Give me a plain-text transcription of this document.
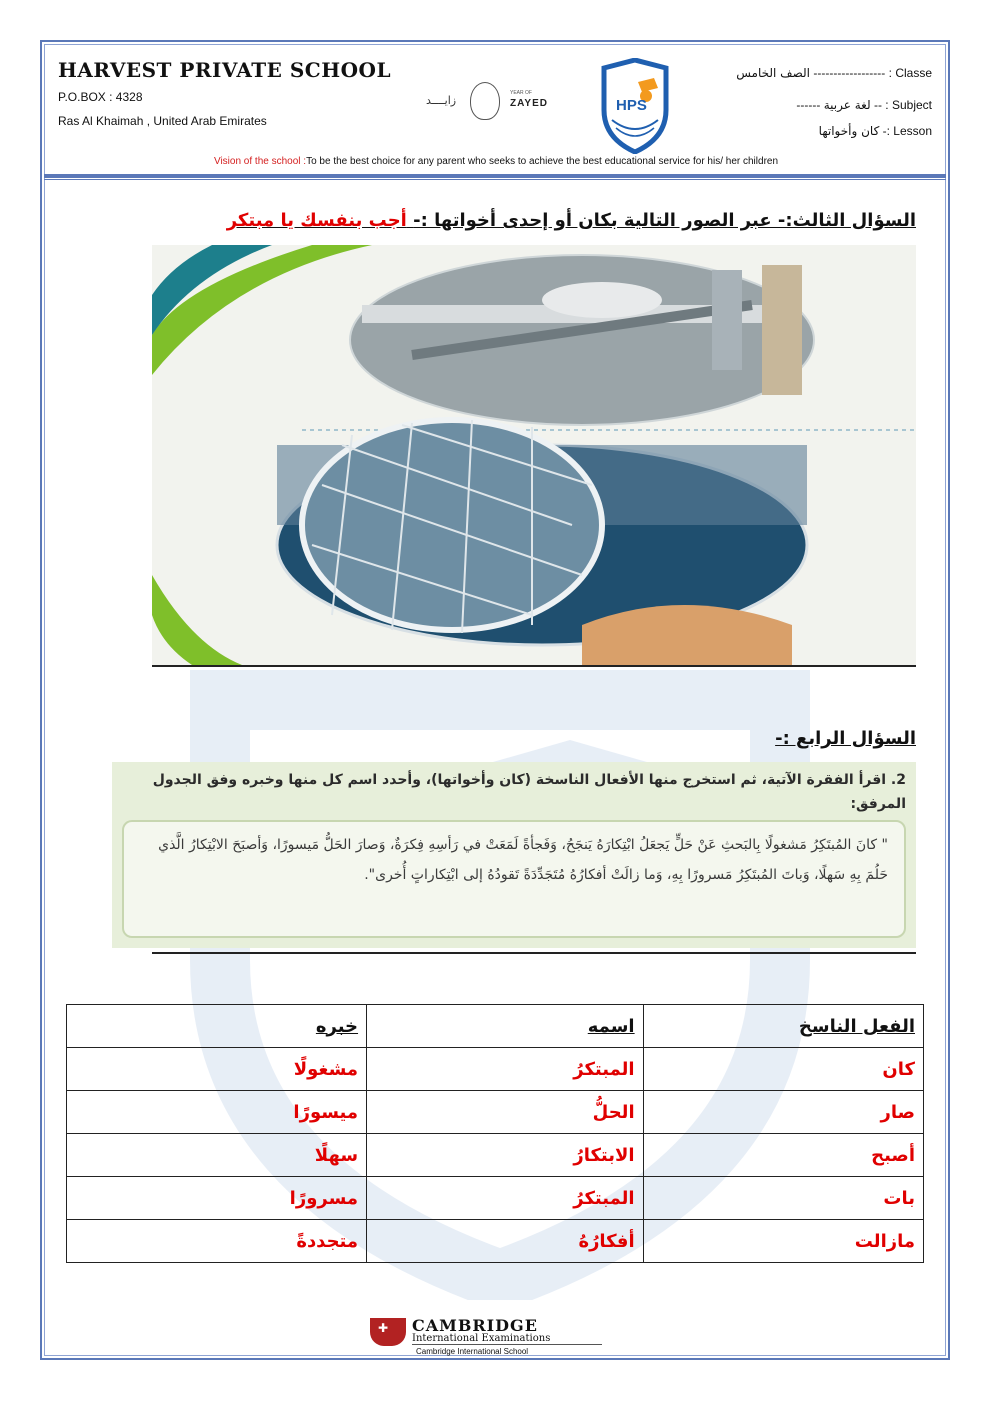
HARVEST PRIVATE SCHOOL
P.O.BOX : 4328
Ras Al Khaimah , United Arab Emirates
زايــــد
YEAR OF
ZAYED	HPS
Classe : ------------------ الصف الخامس
Subject : -- لغة عربية ------
Lesson :- كان وأخواتها
Vision of the school :To be the best choice for any parent who seeks to achieve the best educational service for his/ her children
السؤال الثالث:- عبر الصور التالية بكان أو إحدى أخواتها :- أجب بنفسك يا مبتكر
السؤال الرابع :-
2. اقرأ الفقرة الآتية، ثم استخرج منها الأفعال الناسخة (كان وأخواتها)، وأحدد اسم كل منها وخبره وفق الجدول المرفق:
" كانَ المُبتَكِرُ مَشغولًا بِالبَحثِ عَنْ حَلٍّ يَجعَلُ ابْتِكارَهُ يَنجَحُ، وَفَجأةً لَمَعَتْ في رَأسِهِ فِكرَةٌ، وَصارَ الحَلُّ مَيسورًا، وَأصبَحَ الابْتِكارُ الَّذي حَلُمَ بِهِ سَهلًا، وَباتَ المُبتَكِرُ مَسرورًا بِهِ، وَما زالَتْ أفكارُهُ مُتَجَدِّدَةً تَقودُهُ إلى ابْتِكاراتٍ أُخرى".
الفعل الناسخ	اسمه	خبره
كان	المبتكرُ	مشغولًا
صار	الحلُّ	ميسورًا
أصبح	الابتكارُ	سهلًا
بات	المبتكرُ	مسرورًا
مازالت	أفكارُهُ	متجددةً
✚ CAMBRIDGE
International Examinations
Cambridge International School
